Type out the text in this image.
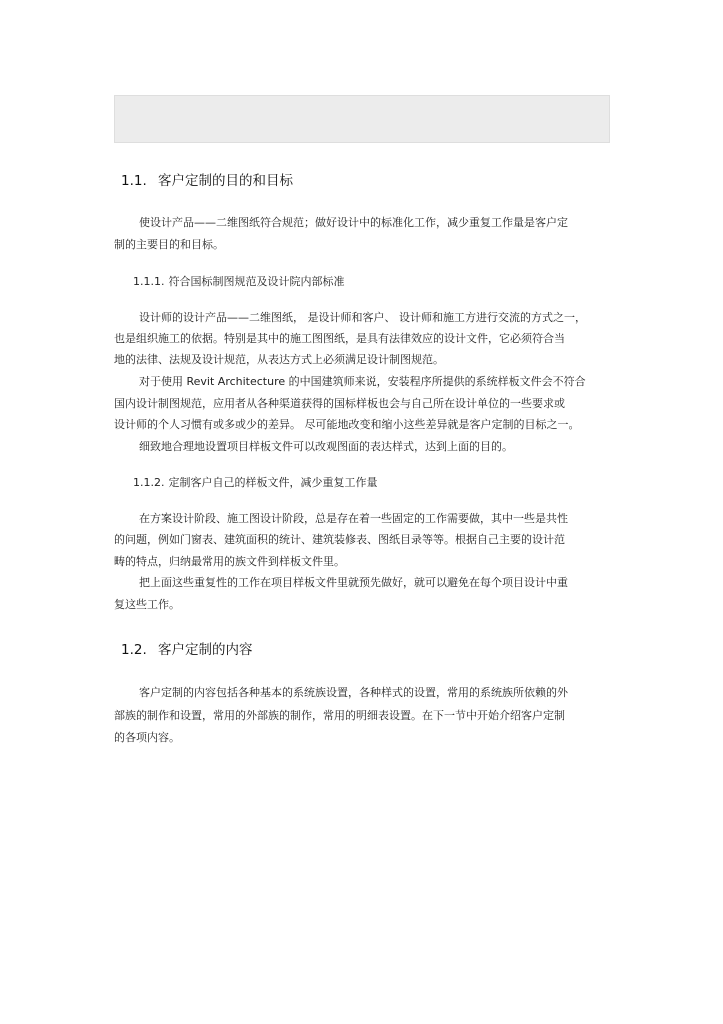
1.1. 客户定制的目的和目标
使设计产品——二维图纸符合规范；做好设计中的标准化工作，减少重复工作量是客户定
制的主要目的和目标。
1.1.1. 符合国标制图规范及设计院内部标准
设计师的设计产品——二维图纸， 是设计师和客户、 设计师和施工方进行交流的方式之一，
也是组织施工的依据。特别是其中的施工图图纸，是具有法律效应的设计文件，它必须符合当
地的法律、法规及设计规范，从表达方式上必须满足设计制图规范。
对于使用 Revit Architecture 的中国建筑师来说，安装程序所提供的系统样板文件会不符合
国内设计制图规范，应用者从各种渠道获得的国标样板也会与自己所在设计单位的一些要求或
设计师的个人习惯有或多或少的差异。 尽可能地改变和缩小这些差异就是客户定制的目标之一。
细致地合理地设置项目样板文件可以改观图面的表达样式，达到上面的目的。
1.1.2. 定制客户自己的样板文件，减少重复工作量
在方案设计阶段、施工图设计阶段，总是存在着一些固定的工作需要做，其中一些是共性
的问题，例如门窗表、建筑面积的统计、建筑装修表、图纸目录等等。根据自己主要的设计范
畴的特点，归纳最常用的族文件到样板文件里。
把上面这些重复性的工作在项目样板文件里就预先做好，就可以避免在每个项目设计中重
复这些工作。
1.2. 客户定制的内容
客户定制的内容包括各种基本的系统族设置，各种样式的设置，常用的系统族所依赖的外
部族的制作和设置，常用的外部族的制作，常用的明细表设置。在下一节中开始介绍客户定制
的各项内容。
